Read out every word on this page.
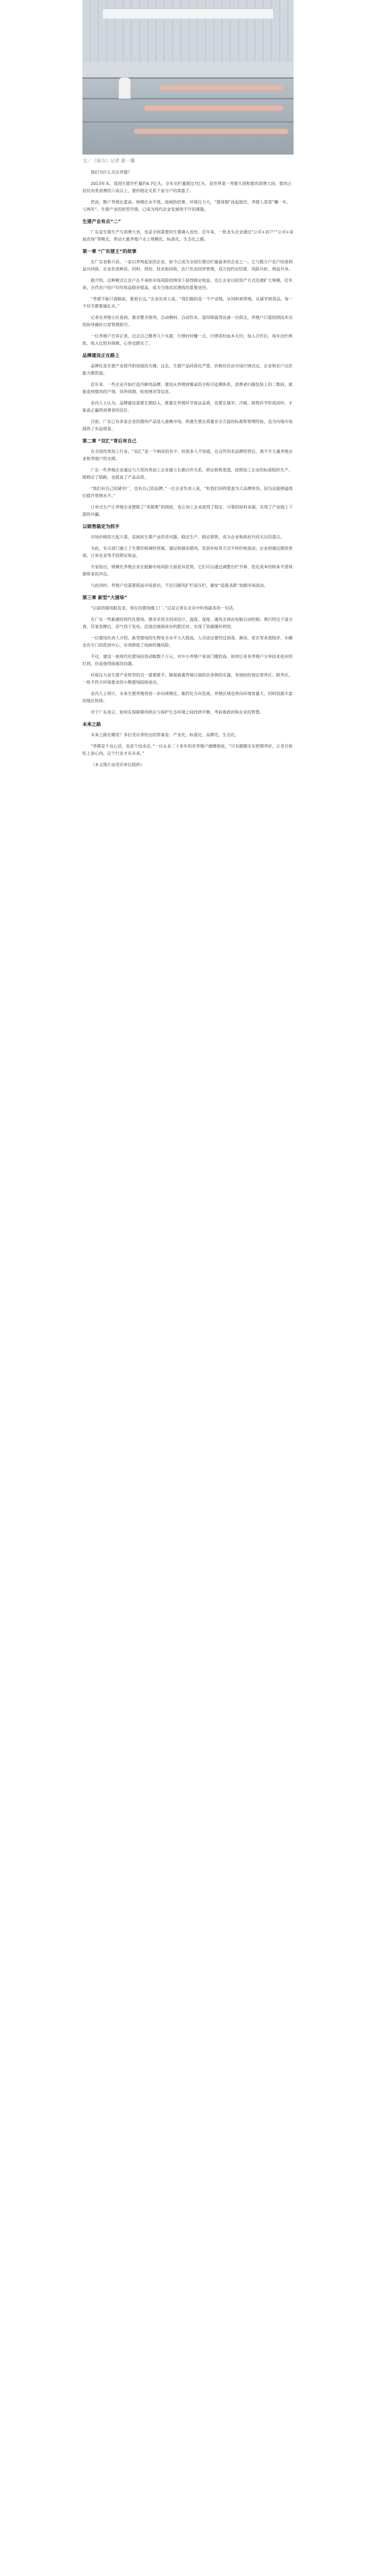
文／《南方》记者 康一馨

我们为什么关注养猪？

2013年末，我国生猪存栏量约4.7亿头，全年出栏量超过7亿头，是世界第一养猪大国和猪肉消费大国。猪肉占居民肉类消费的六成以上，猪价稳定关系千家万户的菜篮子。

然而，散户养殖比重高、规模化水平低、疫病防控难、环境压力大，“猪周期”此起彼伏，养猪人常常“赚一年、亏两年”。生猪产业的转型升级，已成为现代农业发展绕不开的课题。

生猪产业有点“二”

广东是生猪生产与消费大省，也是全国重要的生猪调入省份。近年来，一批龙头企业通过“公司+农户”“公司+家庭农场”等模式，带动大量养殖户走上规模化、标准化、生态化之路。

第一章 “广东猪王”的故事

在广东省新兴县，一家以养鸡起家的企业，如今已成为全国生猪出栏量最多的企业之一。它与数万户农户结成利益共同体，企业负责种苗、饲料、兽药、技术和回收，农户负责饲养管理，双方按约定结算，风险共担、利益共享。

据介绍，这种模式让农户在不承担市场风险的情况下获得稳定收益，也让企业以轻资产方式迅速扩大规模。近年来，合作农户的户均年收益稳步提高，成为当地农民增收的重要途径。

“养猪不能只看眼前，要看长远。”企业负责人说，“我们做的是一个产业链，从饲料到养殖，从屠宰到食品，每一个环节都要做扎实。”

记者在养殖小区看到，猪舍整齐排列，自动喂料、自动饮水、湿帘降温等设备一应俱全，养殖户只需按照技术员的指导做好日常管理即可。

一位养殖户告诉记者，过去自己散养几十头猪，行情好时赚一点，行情差时血本无归；加入合作后，每年出栏两批，收入比较有保障，心里也踏实了。

品牌建设正在路上

品牌化是生猪产业提升附加值的关键。过去，生猪产品同质化严重，价格往往由市场行情决定，企业和农户议价能力都很弱。

近年来，一些企业开始打造冷鲜肉品牌，建设从养殖到餐桌的全程可追溯体系，消费者扫描包装上的二维码，就能查到猪肉的产地、饲养周期、检疫情况等信息。

业内人士认为，品牌建设需要长期投入，既要在养殖环节保证品质，也要在屠宰、冷链、销售环节形成闭环，才能真正赢得消费者的信任。

目前，广东已有多家企业的猪肉产品进入港澳市场，供港生猪在质量安全方面的标准和管理经验，也为内地市场提供了有益借鉴。

第二章 “双汇”背后有自己

在全国肉类加工行业，“双汇”是一个响亮的名字。但很多人不知道，在这些知名品牌的背后，离不开大量养殖企业和养殖户的支撑。

广东一些养殖企业通过与大型肉类加工企业建立长期合作关系，锁定销售渠道，按照加工企业的标准组织生产，既稳定了销路，也提高了产品品质。

“我们有自己的屠宰厂，也有自己的品牌。”一位企业负责人说，“但我们同样愿意为大品牌供货，因为这能倒逼我们提升管理水平。”

订单式生产让养殖企业摆脱了“卖猪难”的困扰，也让加工企业获得了稳定、可靠的原料来源，实现了产业链上下游的共赢。

以销售稳定为抓手

市场价格的大起大落，是困扰生猪产业的老问题。稳定生产、稳定销售，成为企业和政府共同关注的重点。

为此，有关部门建立了生猪价格调控预案，通过收储冻猪肉、发放补贴等方式平抑价格波动；企业则通过期货套保、订单农业等手段锁定收益。

专家指出，规模化养殖企业在抵御市场风险方面更具优势，它们可以通过调整出栏节奏、优化成本结构来平滑周期带来的冲击。

与此同时，养殖户也需要提高市场意识，不盲目跟风扩栏或压栏，避免“追涨杀跌”加剧市场波动。

第三章 新型“大猪场”

“以前的猪场脏乱差，现在的猪场像工厂。”这是记者在走访中听到最多的一句话。

在广东一些新建的现代化猪场，猪舍采用全封闭设计，温度、湿度、通风全部由电脑自动控制；粪污经过干湿分离、厌氧发酵后，沼气用于发电，沼渣沼液制成有机肥还田，实现了资源循环利用。

一位猪场负责人介绍，新型猪场的生物安全水平大大提高，人员进出要经过消毒、淋浴、更衣等多道程序，车辆也有专门的洗消中心，有效降低了疫病传播风险。

不过，建设一座现代化猪场投资动辄数千万元，对中小养殖户来说门槛较高。如何让更多养殖户分享技术进步的红利，仍是值得探索的问题。

环保压力是生猪产业转型的另一重要推手。随着畜禽养殖污染防治条例的实施，各地纷纷划定禁养区、限养区，一批不符合环保要求的小散猪场陆续退出。

业内人士预计，未来生猪养殖将进一步向规模化、集约化方向发展，养殖区域也将向环境容量大、饲料资源丰富的地区转移。

对于广东而言，如何在保障猪肉供应与保护生态环境之间找到平衡，考验着政府和企业的智慧。

未来之路

未来之路在哪里？多位受访者给出的答案是：产业化、标准化、品牌化、生态化。

“养猪是个良心活，也是个技术活。”一位从业二十多年的老养殖户感慨地说，“只有踏踏实实把猪养好，让老百姓吃上放心肉，这个行业才有未来。”

（本文图片由受访单位提供）
